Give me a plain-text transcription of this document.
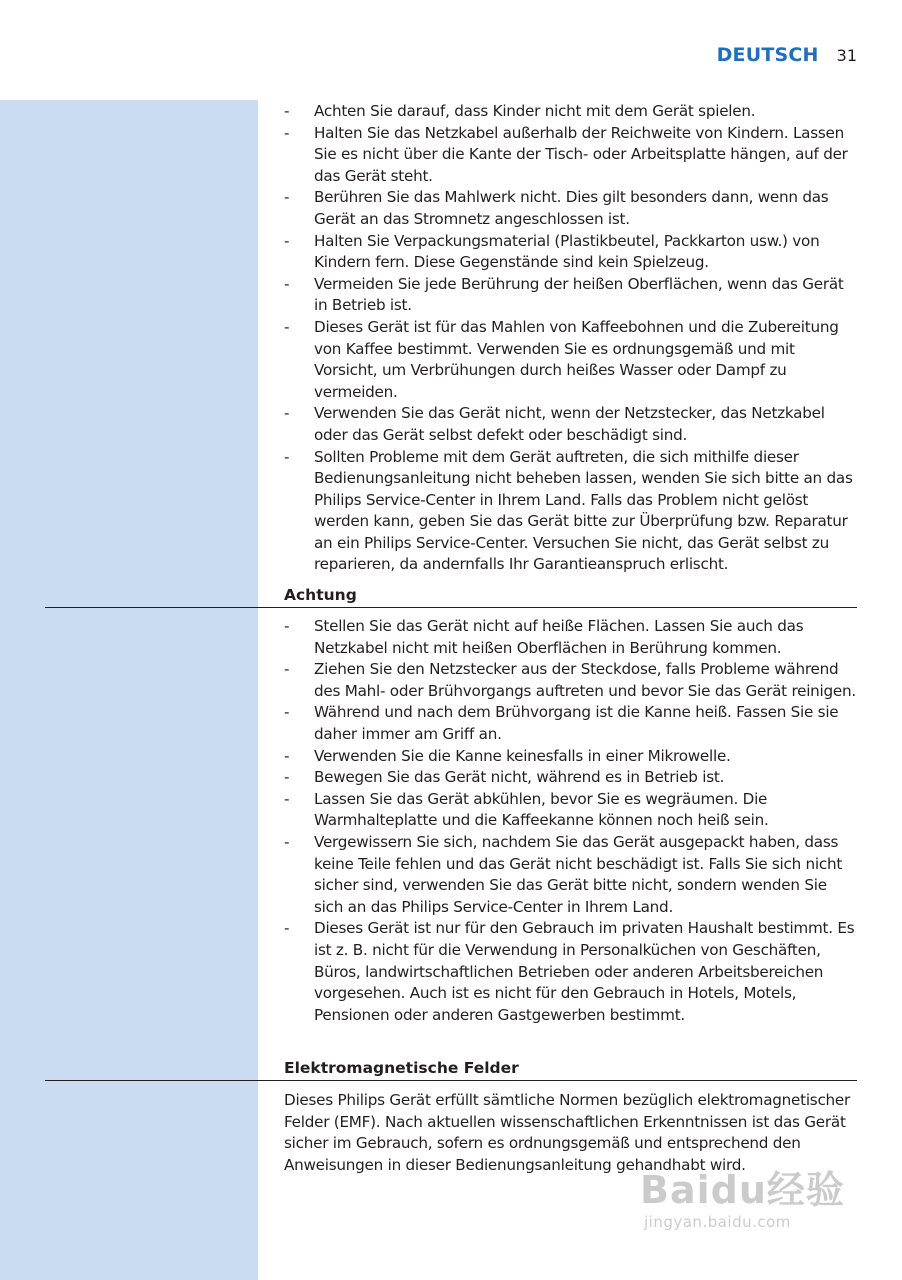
DEUTSCH 31
- Achten Sie darauf, dass Kinder nicht mit dem Gerät spielen.
- Halten Sie das Netzkabel außerhalb der Reichweite von Kindern. Lassen Sie es nicht über die Kante der Tisch- oder Arbeitsplatte hängen, auf der das Gerät steht.
- Berühren Sie das Mahlwerk nicht. Dies gilt besonders dann, wenn das Gerät an das Stromnetz angeschlossen ist.
- Halten Sie Verpackungsmaterial (Plastikbeutel, Packkarton usw.) von Kindern fern. Diese Gegenstände sind kein Spielzeug.
- Vermeiden Sie jede Berührung der heißen Oberflächen, wenn das Gerät in Betrieb ist.
- Dieses Gerät ist für das Mahlen von Kaffeebohnen und die Zubereitung von Kaffee bestimmt. Verwenden Sie es ordnungsgemäß und mit Vorsicht, um Verbrühungen durch heißes Wasser oder Dampf zu vermeiden.
- Verwenden Sie das Gerät nicht, wenn der Netzstecker, das Netzkabel oder das Gerät selbst defekt oder beschädigt sind.
- Sollten Probleme mit dem Gerät auftreten, die sich mithilfe dieser Bedienungsanleitung nicht beheben lassen, wenden Sie sich bitte an das Philips Service-Center in Ihrem Land. Falls das Problem nicht gelöst werden kann, geben Sie das Gerät bitte zur Überprüfung bzw. Reparatur an ein Philips Service-Center. Versuchen Sie nicht, das Gerät selbst zu reparieren, da andernfalls Ihr Garantieanspruch erlischt.
Achtung
- Stellen Sie das Gerät nicht auf heiße Flächen. Lassen Sie auch das Netzkabel nicht mit heißen Oberflächen in Berührung kommen.
- Ziehen Sie den Netzstecker aus der Steckdose, falls Probleme während des Mahl- oder Brühvorgangs auftreten und bevor Sie das Gerät reinigen.
- Während und nach dem Brühvorgang ist die Kanne heiß. Fassen Sie sie daher immer am Griff an.
- Verwenden Sie die Kanne keinesfalls in einer Mikrowelle.
- Bewegen Sie das Gerät nicht, während es in Betrieb ist.
- Lassen Sie das Gerät abkühlen, bevor Sie es wegräumen. Die Warmhalteplatte und die Kaffeekanne können noch heiß sein.
- Vergewissern Sie sich, nachdem Sie das Gerät ausgepackt haben, dass keine Teile fehlen und das Gerät nicht beschädigt ist. Falls Sie sich nicht sicher sind, verwenden Sie das Gerät bitte nicht, sondern wenden Sie sich an das Philips Service-Center in Ihrem Land.
- Dieses Gerät ist nur für den Gebrauch im privaten Haushalt bestimmt. Es ist z. B. nicht für die Verwendung in Personalküchen von Geschäften, Büros, landwirtschaftlichen Betrieben oder anderen Arbeitsbereichen vorgesehen. Auch ist es nicht für den Gebrauch in Hotels, Motels, Pensionen oder anderen Gastgewerben bestimmt.
Elektromagnetische Felder

Dieses Philips Gerät erfüllt sämtliche Normen bezüglich elektromagnetischer Felder (EMF). Nach aktuellen wissenschaftlichen Erkenntnissen ist das Gerät sicher im Gebrauch, sofern es ordnungsgemäß und entsprechend den Anweisungen in dieser Bedienungsanleitung gehandhabt wird.

Baidu经验
jingyan.baidu.com
